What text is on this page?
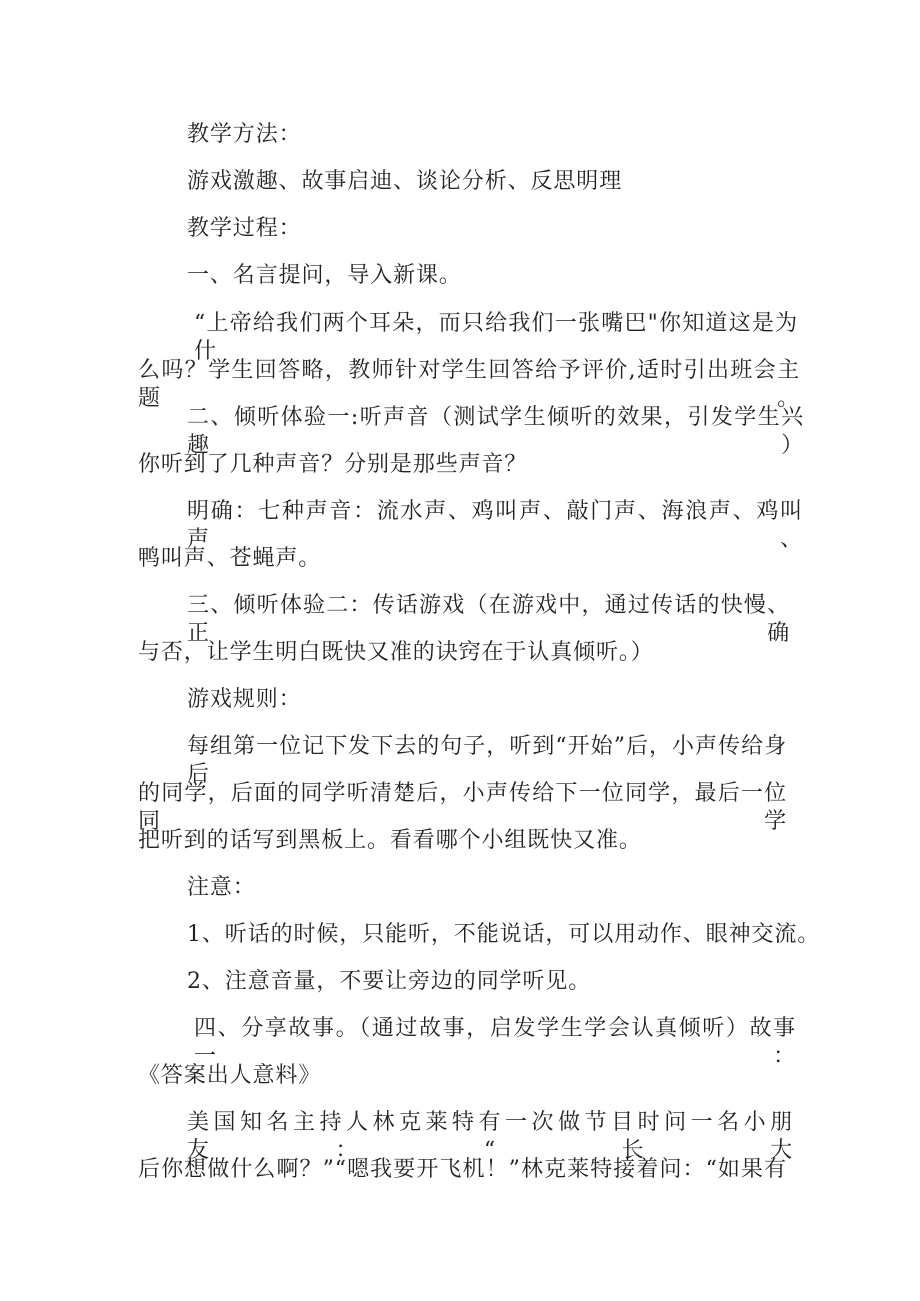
教学方法：

游戏激趣、故事启迪、谈论分析、反思明理

教学过程：

一、名言提问，导入新课。

“上帝给我们两个耳朵，而只给我们一张嘴巴"你知道这是为什

么吗？学生回答略，教师针对学生回答给予评价,适时引出班会主题。

二、倾听体验一:听声音（测试学生倾听的效果，引发学生兴趣）

你听到了几种声音？分别是那些声音？

明确：七种声音：流水声、鸡叫声、敲门声、海浪声、鸡叫声、

鸭叫声、苍蝇声。

三、倾听体验二：传话游戏（在游戏中，通过传话的快慢、正确

与否，让学生明白既快又准的诀窍在于认真倾听。）

游戏规则：

每组第一位记下发下去的句子，听到“开始”后，小声传给身后

的同学，后面的同学听清楚后，小声传给下一位同学，最后一位同学

把听到的话写到黑板上。看看哪个小组既快又准。

注意：

1、听话的时候，只能听，不能说话，可以用动作、眼神交流。

2、注意音量，不要让旁边的同学听见。

四、分享故事。（通过故事，启发学生学会认真倾听）故事一：

《答案出人意料》

美国知名主持人林克莱特有一次做节目时问一名小朋友：“长大

后你想做什么啊？”“嗯我要开飞机！”林克莱特接着问：“如果有
